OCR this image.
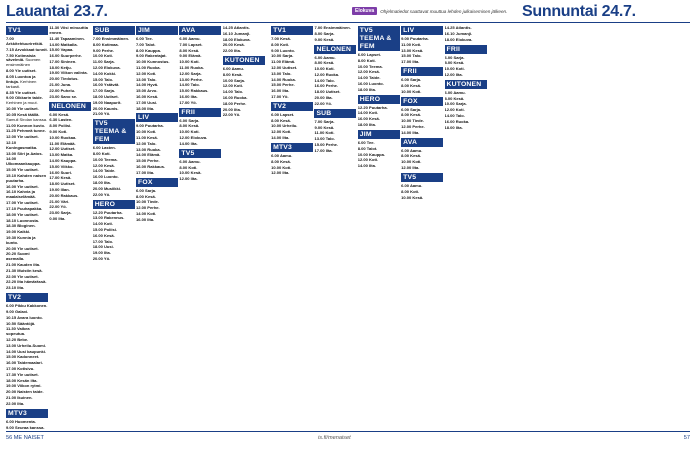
Lauantai 23.7.	Elokuva	Ohjelmatiedot saattavat muuttua lehden julkaisemisen jälkeen. Sunnuntai 24.7.
TV1
7.00 Arkkitehtuuriretkiä.
7.15 Arvokkaat tunnit.
7.50 Kotimaisia sävelmiä. Suomen ensimmäinen
8.00 Yle uutiset.
8.05 Luontoa ja lintuja. Kerhinen tarkasti.
8.35 Yle uutiset.
9.00 Olkkarin taide. Kerhinen ja muut.
10.00 Yle uutiset.
10.05 Kesä täällä. Samuli Sirolan kanssa.
11.00 Kunnon kuvio.
11.25 Pehmeä tunne.
12.00 Yle uutiset.
12.10 Kuningasmatka.
13.00 Siiri ja Aatos.
14.00 Ulkomaankauppa.
15.00 Yle uutiset.
15.10 Kahden naisen puutarha.
16.00 Yle uutiset.
16.10 Kahvia ja maalaiselämää.
17.00 Yle uutiset.
17.10 Puuhapakka.
18.00 Yle uutiset.
18.10 Luonnosta.
18.30 Bloginen.
19.00 Kaikki.
19.30 Kunnia ja kunto.
20.00 Yle uutiset.
20.20 Suomi asemalla.
21.00 Kauden ilta.
21.30 Muistin kesä.
22.00 Yle uutiset.
22.20 Ilta hämärässä.
23.10 Ilta.
TV2
6.00 Pikku Kakkonen.
9.00 Galaxi.
10.15 Avara luonto.
10.50 Sääntöjä.
11.30 Vaikea sopeutua.
12.20 Bebe.
13.00 Urheilu-Suomi.
14.00 Uusi kaupunki.
15.00 Kadonneet.
16.00 Taidemaalari.
17.00 Kotisivu.
17.30 Yle uutiset.
18.00 Kesän ilta.
19.00 Viikon rytmi.
20.00 Naisten taide.
21.00 Ikuinen.
22.00 Ilta.
MTV3
6.00 Huomenta.
9.00 Seuraa kanssa.
11.30 Viisi minuuttia ennen.
11.40 Tapaaminen.
14.00 Matkalla.
15.00 Vapaa.
16.00 Suurperhe.
17.00 Sininen.
18.00 Ketju.
19.00 Viikon valinta.
20.00 Tiedotus.
21.00 Juna.
22.00 Puhelu.
23.00 Sano se.
NELONEN
6.00 Kesä.
6.30 Lasten.
8.00 Poliisi.
9.00 Koti.
10.00 Ruokaa.
11.00 Elämää.
12.00 Uutiset.
13.00 Matka.
14.00 Kauppa.
15.00 Viikko.
16.00 Suuri.
17.00 Kesä.
18.00 Uutiset.
19.00 Illan.
20.00 Rakkaus.
21.00 Väri.
22.00 Yö.
23.00 Sarja.
0.00 Ilta.
SUB
7.00 Ensimmäinen.
8.00 Kotimaa.
9.00 Perhe.
10.00 Koti.
11.00 Sarja.
12.00 Elokuva.
14.00 Kokki.
15.00 Talo.
16.00 Ystävät.
17.00 Sarja.
18.00 Uutiset.
19.00 Naapurit.
20.00 Kaunis.
21.00 Yö.
TV5 TEEMA & FEM
6.00 Lasten.
8.00 Koti.
10.00 Teema.
12.00 Kesä.
14.00 Taide.
16.00 Luonto.
18.00 Ilta.
20.00 Musiikki.
22.00 Yö.
HERO
12.20 Puutarha.
13.00 Rakennus.
14.00 Koti.
15.00 Poliisi.
16.00 Kesä.
17.00 Talo.
18.00 Uusi.
19.00 Ilta.
20.00 Yö.
JIM
6.00 Tee.
7.00 Talot.
8.00 Kauppa.
9.00 Rakentajat.
10.00 Kunnostus.
11.00 Ruoka.
12.00 Koti.
13.00 Talo.
14.00 Hyvä.
15.00 Arvo.
16.00 Kesä.
17.00 Uusi.
18.00 Ilta.
LIV
9.00 Puutarha.
10.00 Koti.
11.00 Kesä.
12.00 Talo.
13.00 Ruoka.
14.00 Elämä.
15.00 Perhe.
16.00 Rakkaus.
17.00 Ilta.
FOX
6.00 Sarja.
8.00 Kesä.
10.00 Tiede.
12.00 Perhe.
14.00 Koti.
16.00 Ilta.
AVA
6.00 Aamu.
7.00 Lapset.
8.00 Kesä.
9.00 Elämä.
10.00 Koti.
11.00 Ruoka.
12.00 Sarja.
13.00 Perhe.
14.00 Talo.
15.00 Rakkaus.
16.00 Ilta.
17.00 Yö.
FRII
6.00 Sarja.
8.00 Kesä.
10.00 Koti.
12.00 Elokuva.
14.00 Ilta.
TV5
6.00 Aamu.
8.00 Koti.
10.00 Kesä.
12.00 Ilta.
14.25 Atlantis.
16.10 Jumanji.
18.00 Elokuva.
20.00 Kesä.
22.00 Ilta.
KUTONEN
6.00 Aamu.
8.00 Kesä.
10.00 Sarja.
12.00 Koti.
14.00 Talo.
16.00 Ruoka.
18.00 Perhe.
20.00 Ilta.
22.00 Yö.
TV1
7.00 Kesä.
8.00 Koti.
9.00 Luonto.
10.00 Sarja.
11.00 Elämä.
12.00 Uutiset.
13.00 Talo.
14.00 Ruoka.
15.00 Perhe.
16.00 Ilta.
17.00 Yö.
TV2
6.00 Lapset.
8.00 Kesä.
10.00 Urheilu.
12.00 Koti.
14.00 Ilta.
MTV3
6.00 Aamu.
8.00 Kesä.
10.00 Koti.
12.00 Ilta.
7.00 Ensimmäinen.
8.00 Sarja.
9.00 Kesä.
NELONEN
6.00 Aamu.
8.00 Kesä.
10.00 Koti.
12.00 Ruoka.
14.00 Talo.
16.00 Perhe.
18.00 Uutiset.
20.00 Ilta.
22.00 Yö.
SUB
7.00 Sarja.
9.00 Kesä.
11.00 Koti.
13.00 Talo.
15.00 Perhe.
17.00 Ilta.
TV5 TEEMA & FEM
6.00 Lapset.
8.00 Koti.
10.00 Teema.
12.00 Kesä.
14.00 Taide.
16.00 Luonto.
18.00 Ilta.
HERO
12.20 Puutarha.
14.00 Koti.
16.00 Kesä.
18.00 Ilta.
JIM
6.00 Tee.
8.00 Talot.
10.00 Kauppa.
12.00 Koti.
14.00 Ilta.
LIV
9.00 Puutarha.
11.00 Koti.
13.00 Kesä.
15.00 Talo.
17.00 Ilta.
FRII
6.00 Sarja.
8.00 Kesä.
10.00 Koti.
FOX
6.00 Sarja.
8.00 Kesä.
10.00 Tiede.
12.00 Perhe.
14.00 Ilta.
AVA
6.00 Aamu.
8.00 Kesä.
10.00 Koti.
12.00 Ilta.
TV5
6.00 Aamu.
8.00 Koti.
10.00 Kesä.
14.25 Atlantis.
16.10 Jumanji.
18.00 Elokuva.
FRII
6.00 Sarja.
8.00 Kesä.
10.00 Koti.
12.00 Ilta.
KUTONEN
6.00 Aamu.
8.00 Kesä.
10.00 Sarja.
12.00 Koti.
14.00 Talo.
16.00 Ruoka.
18.00 Ilta.
56 ME NAISET	is.fi/menaiset	57
